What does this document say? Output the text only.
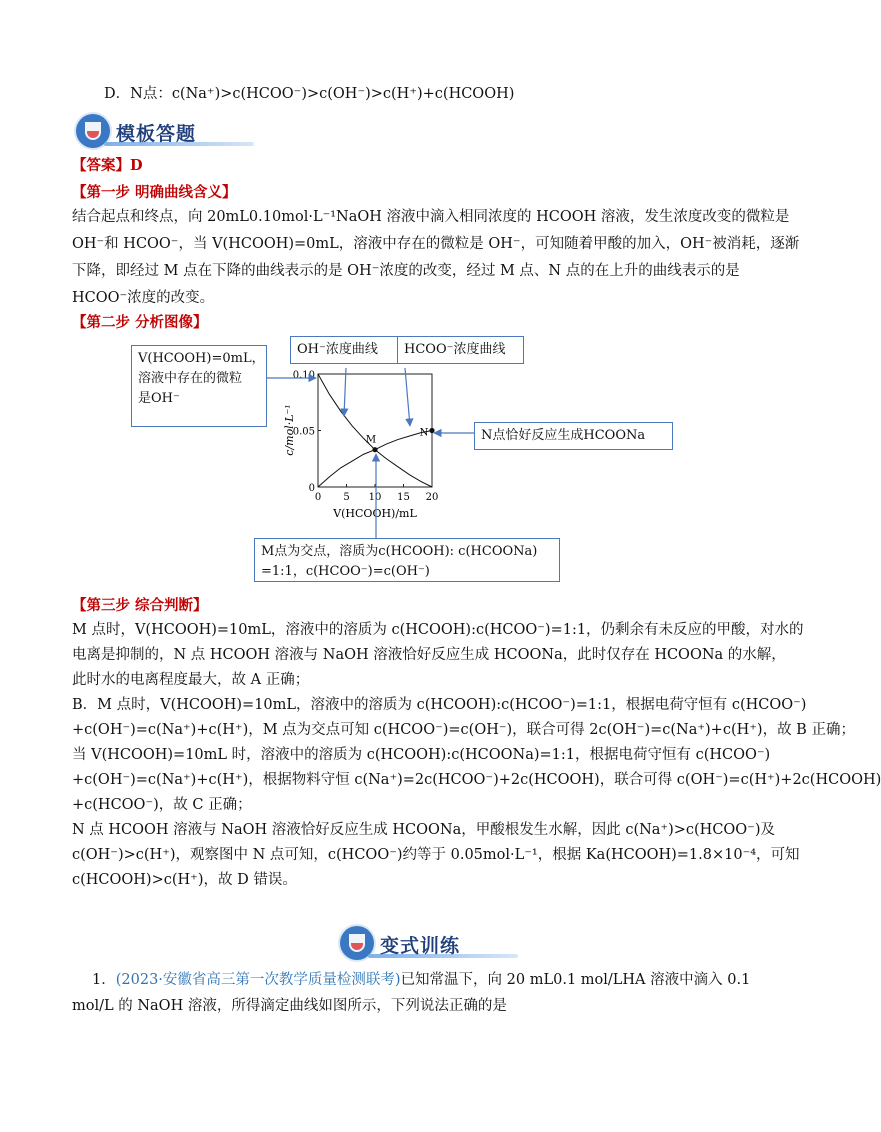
D．N点：c(Na⁺)>c(HCOO⁻)>c(OH⁻)>c(H⁺)+c(HCOOH)
模板答题
【答案】D
【第一步 明确曲线含义】
结合起点和终点，向 20mL0.10mol·L⁻¹NaOH 溶液中滴入相同浓度的 HCOOH 溶液，发生浓度改变的微粒是
OH⁻和 HCOO⁻，当 V(HCOOH)=0mL，溶液中存在的微粒是 OH⁻，可知随着甲酸的加入，OH⁻被消耗，逐渐
下降，即经过 M 点在下降的曲线表示的是 OH⁻浓度的改变，经过 M 点、N 点的在上升的曲线表示的是
HCOO⁻浓度的改变。
【第二步 分析图像】
0 5 10 15 20
0
0.05
0.10
M
N
c/mol·L⁻¹
V(HCOOH)/mL
OH⁻浓度曲线	HCOO⁻浓度曲线
V(HCOOH)=0mL，
溶液中存在的微粒
是OH⁻
N点恰好反应生成HCOONa
M点为交点，溶质为c(HCOOH): c(HCOONa)
=1:1，c(HCOO⁻)=c(OH⁻)
【第三步 综合判断】
M 点时，V(HCOOH)=10mL，溶液中的溶质为 c(HCOOH):c(HCOO⁻)=1:1，仍剩余有未反应的甲酸，对水的
电离是抑制的，N 点 HCOOH 溶液与 NaOH 溶液恰好反应生成 HCOONa，此时仅存在 HCOONa 的水解，
此时水的电离程度最大，故 A 正确；
B．M 点时，V(HCOOH)=10mL，溶液中的溶质为 c(HCOOH):c(HCOO⁻)=1:1，根据电荷守恒有 c(HCOO⁻)
+c(OH⁻)=c(Na⁺)+c(H⁺)，M 点为交点可知 c(HCOO⁻)=c(OH⁻)，联合可得 2c(OH⁻)=c(Na⁺)+c(H⁺)，故 B 正确；
当 V(HCOOH)=10mL 时，溶液中的溶质为 c(HCOOH):c(HCOONa)=1:1，根据电荷守恒有 c(HCOO⁻)
+c(OH⁻)=c(Na⁺)+c(H⁺)，根据物料守恒 c(Na⁺)=2c(HCOO⁻)+2c(HCOOH)，联合可得 c(OH⁻)=c(H⁺)+2c(HCOOH)
+c(HCOO⁻)，故 C 正确；
N 点 HCOOH 溶液与 NaOH 溶液恰好反应生成 HCOONa，甲酸根发生水解，因此 c(Na⁺)>c(HCOO⁻)及
c(OH⁻)>c(H⁺)，观察图中 N 点可知，c(HCOO⁻)约等于 0.05mol·L⁻¹，根据 Ka(HCOOH)=1.8×10⁻⁴，可知
c(HCOOH)>c(H⁺)，故 D 错误。
变式训练
1．(2023·安徽省高三第一次教学质量检测联考)已知常温下，向 20 mL0.1 mol/LHA 溶液中滴入 0.1
mol/L 的 NaOH 溶液，所得滴定曲线如图所示，下列说法正确的是
